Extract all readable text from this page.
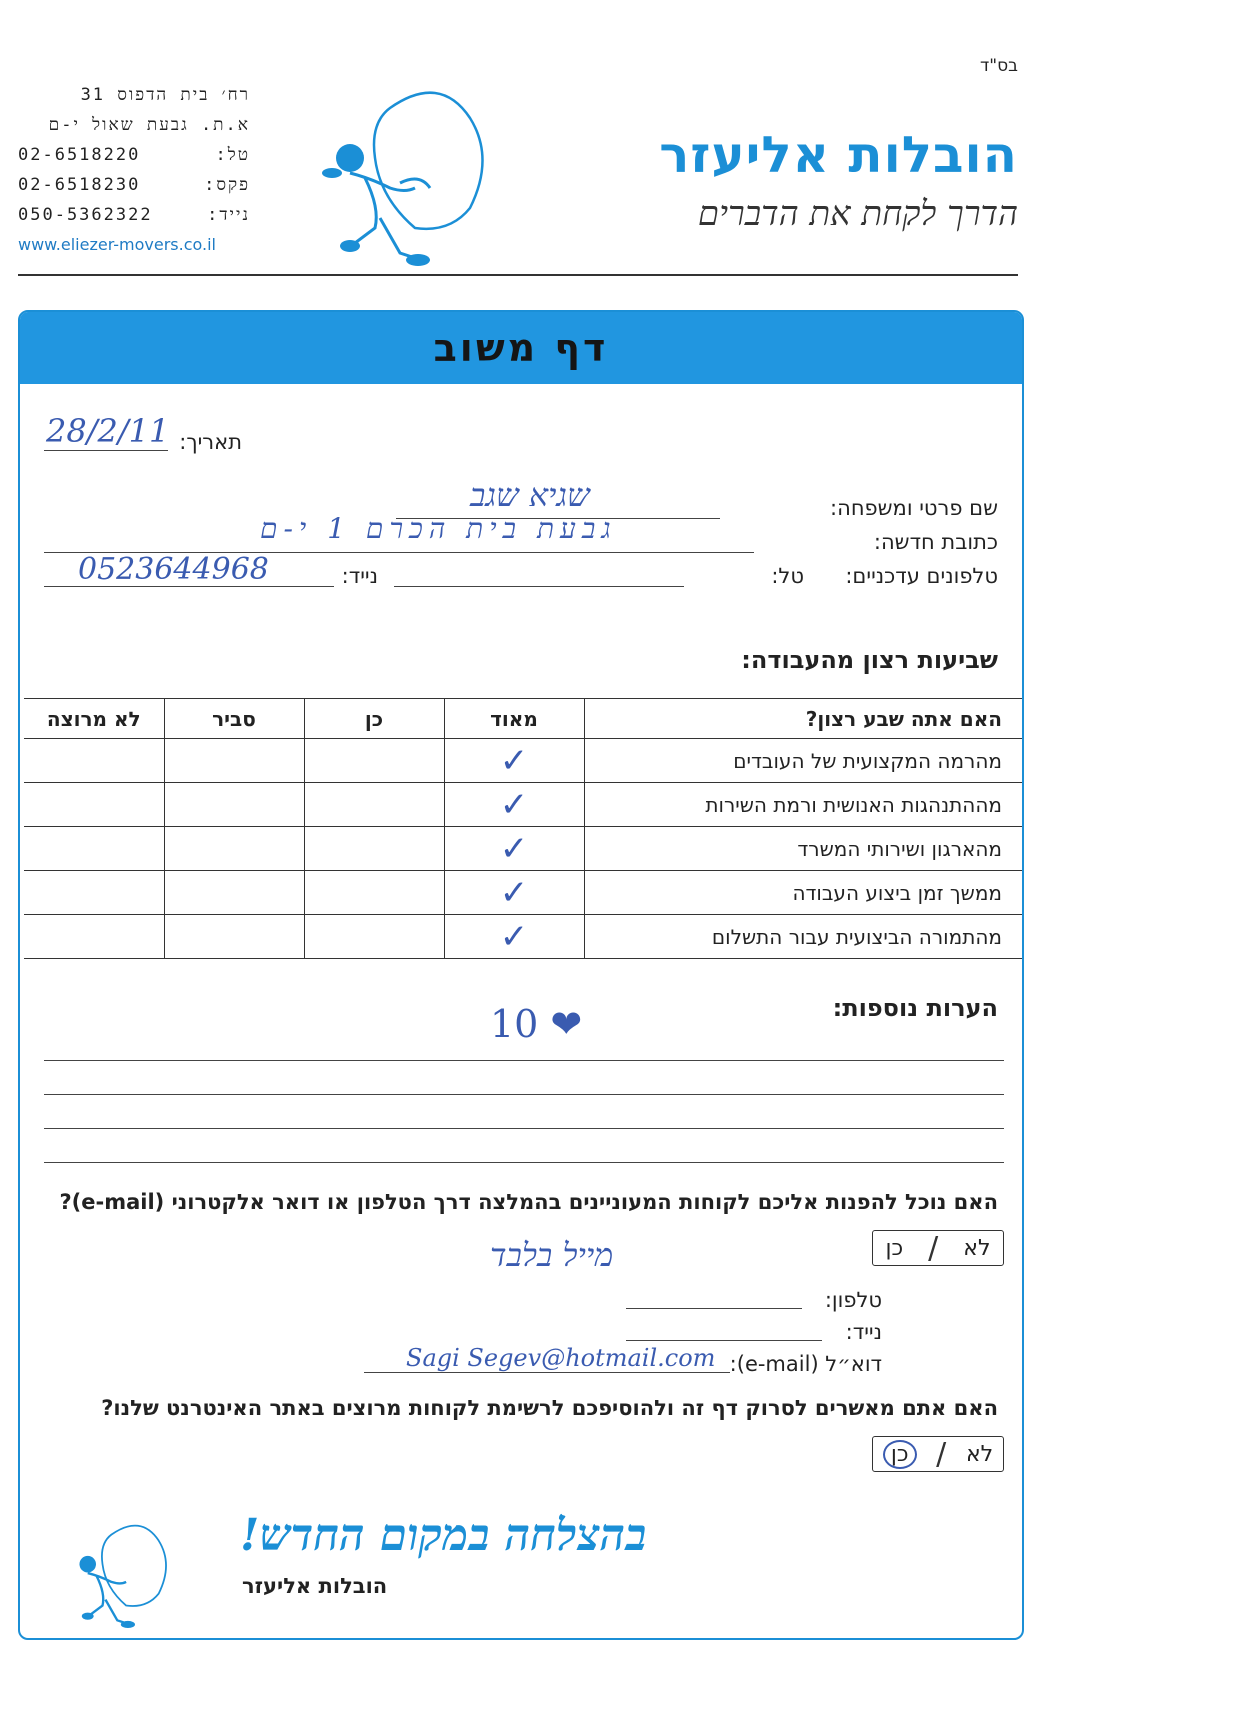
בס"ד
רח׳ בית הדפוס 31
א.ת. גבעת שאול י-ם
טל:
02-6518220
פקס:
02-6518230
נייד:
050-5362322
www.eliezer-movers.co.il
הובלות אליעזר
הדרך לקחת את הדברים
דף משוב
תאריך:
28/2/11
שם פרטי ומשפחה:
שגיא שגב
כתובת חדשה:
גבעת בית הכרם 1 י-ם
טלפונים עדכניים:
טל:
נייד:
0523644968
שביעות רצון מהעבודה:
האם אתה שבע רצון?	מאוד	כן	סביר	לא מרוצה
מהרמה המקצועית של העובדים	✓			
מההתנהגות האנושית ורמת השירות	✓			
מהארגון ושירותי המשרד	✓			
ממשך זמן ביצוע העבודה	✓			
מהתמורה הביצועית עבור התשלום	✓			
הערות נוספות:
10 ❤
האם נוכל להפנות אליכם לקוחות המעוניינים בהמלצה דרך הטלפון או דואר אלקטרוני (e-mail)?
לא
/
כן
מייל בלבד
טלפון:
נייד:
דוא״ל (e-mail):
Sagi Segev@hotmail.com
האם אתם מאשרים לסרוק דף זה ולהוסיפכם לרשימת לקוחות מרוצים באתר האינטרנט שלנו?
לא
/
כן
בהצלחה במקום החדש!
הובלות אליעזר
